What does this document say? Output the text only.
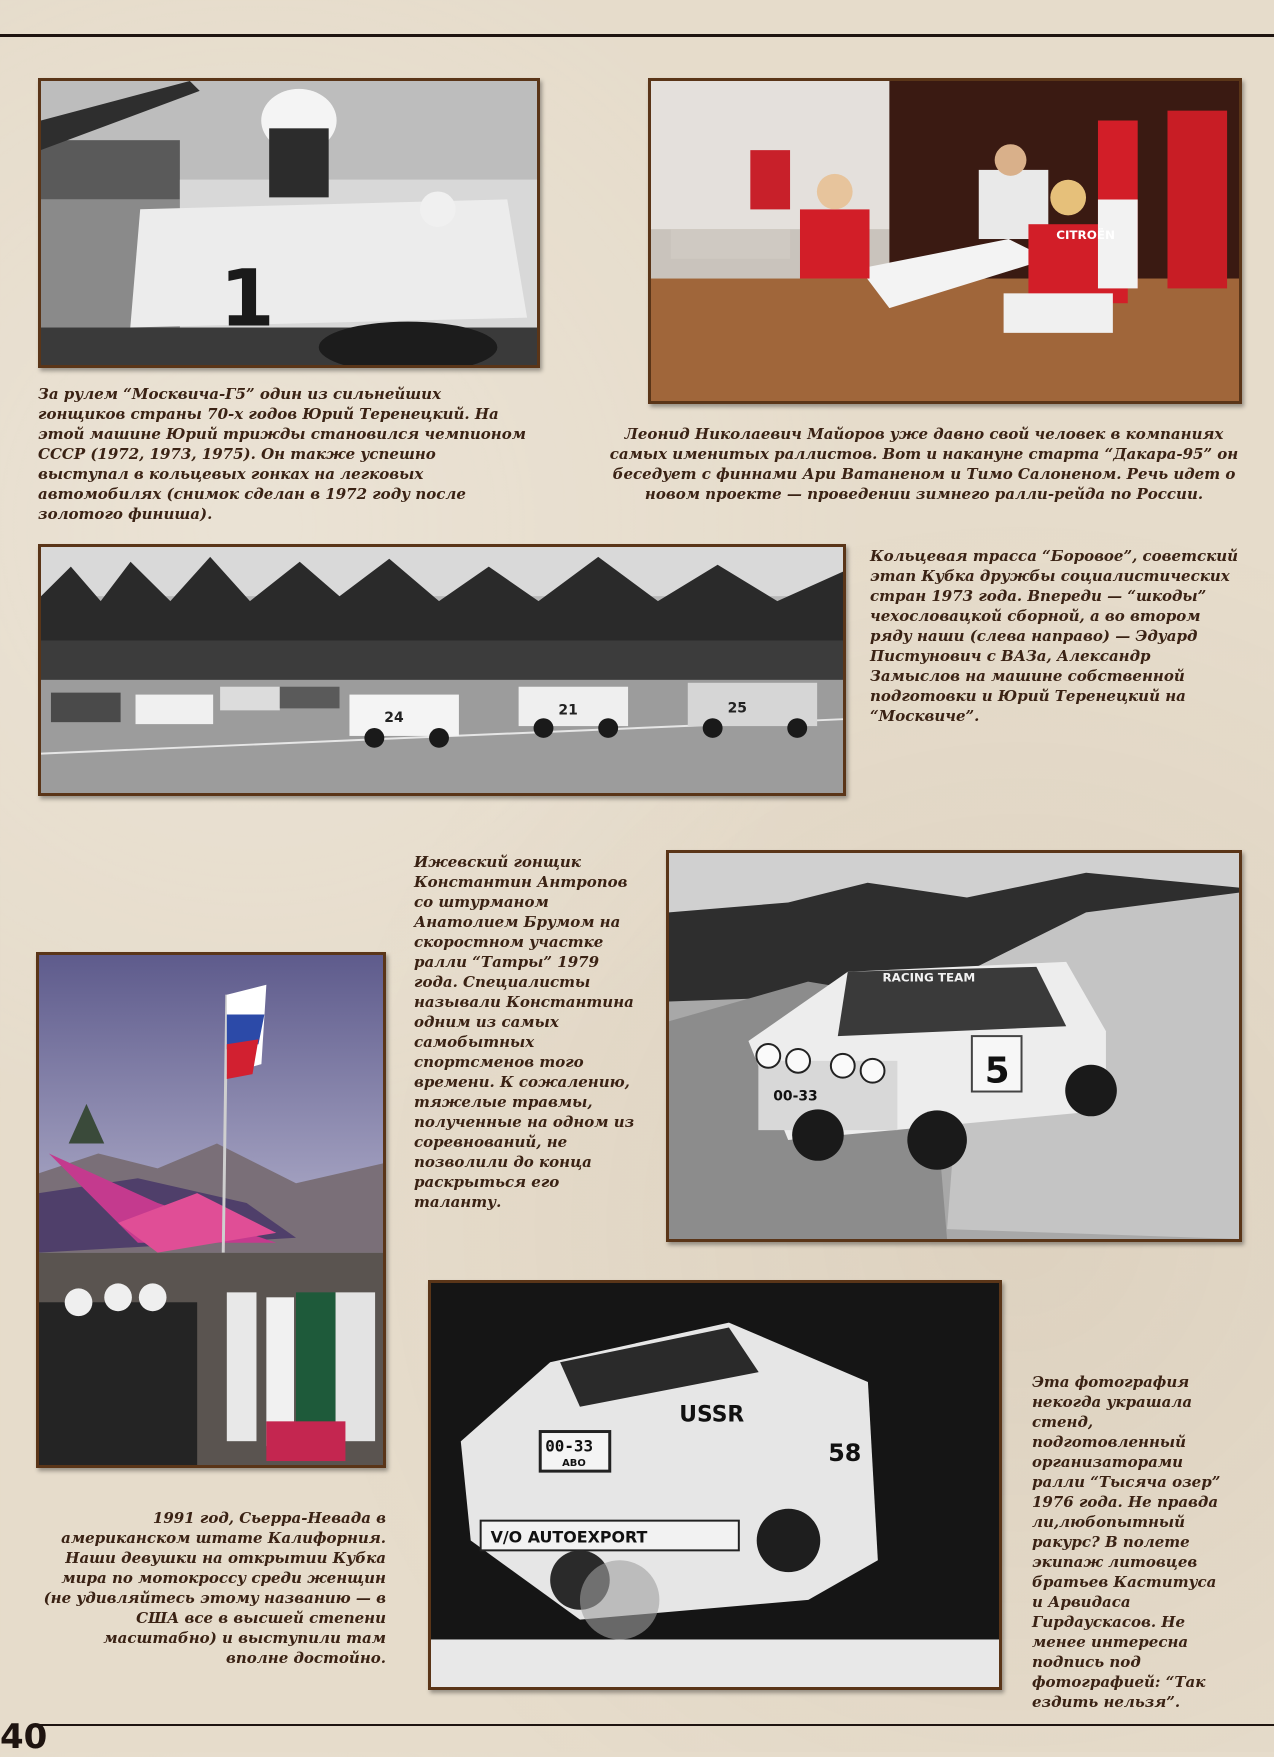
1
CITROËN
За рулем “Москвича-Г5” один из сильнейших гонщиков страны 70-х годов Юрий Теренецкий. На этой машине Юрий трижды становился чемпионом СССР (1972, 1973, 1975). Он также успешно выступал в кольцевых гонках на легковых автомобилях (снимок сделан в 1972 году после золотого финиша).
Леонид Николаевич Майоров уже давно свой человек в компаниях самых именитых раллистов. Вот и накануне старта “Дакара-95” он беседует с финнами Ари Ватаненом и Тимо Салоненом. Речь идет о новом проекте — проведении зимнего ралли-рейда по России.
24	21	25
Кольцевая трасса “Боровое”, советский этап Кубка дружбы социалистических стран 1973 года. Впереди — “шкоды” чехословацкой сборной, а во втором ряду наши (слева направо) — Эдуард Пистунович с ВАЗа, Александр Замыслов на машине собственной подготовки и Юрий Теренецкий на “Москвиче”.
Ижевский гонщик Константин Антропов со штурманом Анатолием Брумом на скоростном участке ралли “Татры” 1979 года. Специалисты называли Константина одним из самых самобытных спортсменов того времени. К сожалению, тяжелые травмы, полученные на одном из соревнований, не позволили до конца раскрыться его таланту.
RACING TEAM
5
00-33
1991 год, Сьерра-Невада в американском штате Калифорния. Наши девушки на открытии Кубка мира по мотокроссу среди женщин (не удивляйтесь этому названию — в США все в высшей степени масштабно) и выступили там вполне достойно.
00-33
ABO
USSR
V/O AUTOEXPORT
58
Эта фотография некогда украшала стенд, подготовленный организаторами ралли “Тысяча озер” 1976 года. Не правда ли,любопытный ракурс? В полете экипаж литовцев братьев Каституса и Арвидаса Гирдаускасов. Не менее интересна подпись под фотографией: “Так ездить нельзя”.
40
